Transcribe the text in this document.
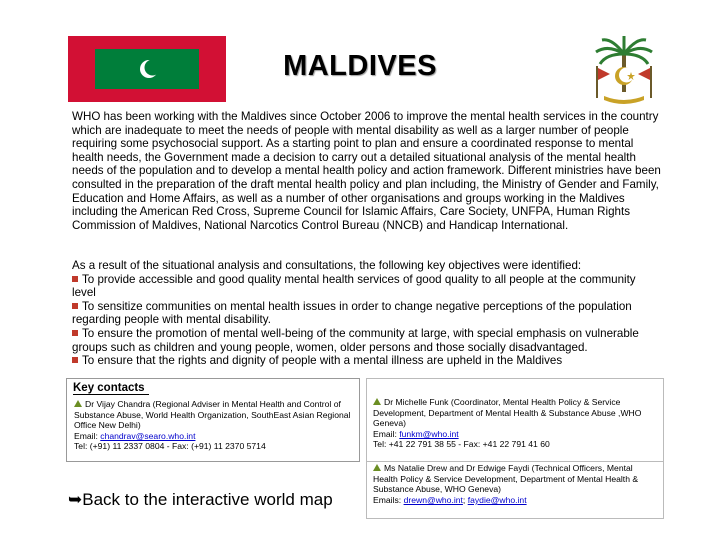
MALDIVES

WHO has been working with the Maldives since October 2006 to improve the mental health services in the country which are inadequate to meet the needs of people with mental disability as well as a larger number of people requiring some psychosocial support. As a starting point to plan and ensure a coordinated response to mental health needs, the Government made a decision to carry out a detailed situational analysis of the mental health needs of the population and to develop a mental health policy and action framework. Different ministries have been consulted in the preparation of the draft mental health policy and plan including, the Ministry of Gender and Family, Education and Home Affairs, as well as a number of other organisations and groups working in the Maldives including the American Red Cross, Supreme Council for Islamic Affairs, Care Society, UNFPA, Human Rights Commission of Maldives, National Narcotics Control Bureau (NNCB) and Handicap International.

As a result of the situational analysis and consultations, the following key objectives were identified:
To provide accessible and good quality mental health services of good quality to all people at the community level
To sensitize communities on mental health issues in order to change negative perceptions of the population regarding people with mental disability.
To ensure the promotion of mental well-being of the community at large, with special emphasis on vulnerable groups such as children and young people, women, older persons and those socially disadvantaged.
To ensure that the rights and dignity of people with a mental illness are upheld in the Maldives
Key contacts
Dr Vijay Chandra (Regional Adviser in Mental Health and Control of Substance Abuse, World Health Organization, SouthEast Asian Regional Office New Delhi)
Email: chandrav@searo.who.int
Tel: (+91) 11 2337 0804 - Fax: (+91) 11 2370 5714
Dr Michelle Funk (Coordinator, Mental Health Policy & Service Development, Department of Mental Health & Substance Abuse ,WHO Geneva)
Email: funkm@who.int
Tel: +41 22 791 38 55 - Fax: +41 22 791 41 60
Ms Natalie Drew and Dr Edwige Faydi (Technical Officers, Mental Health Policy & Service Development, Department of Mental Health & Substance Abuse, WHO Geneva)
Emails: drewn@who.int; faydie@who.int
➥Back to the interactive world map
